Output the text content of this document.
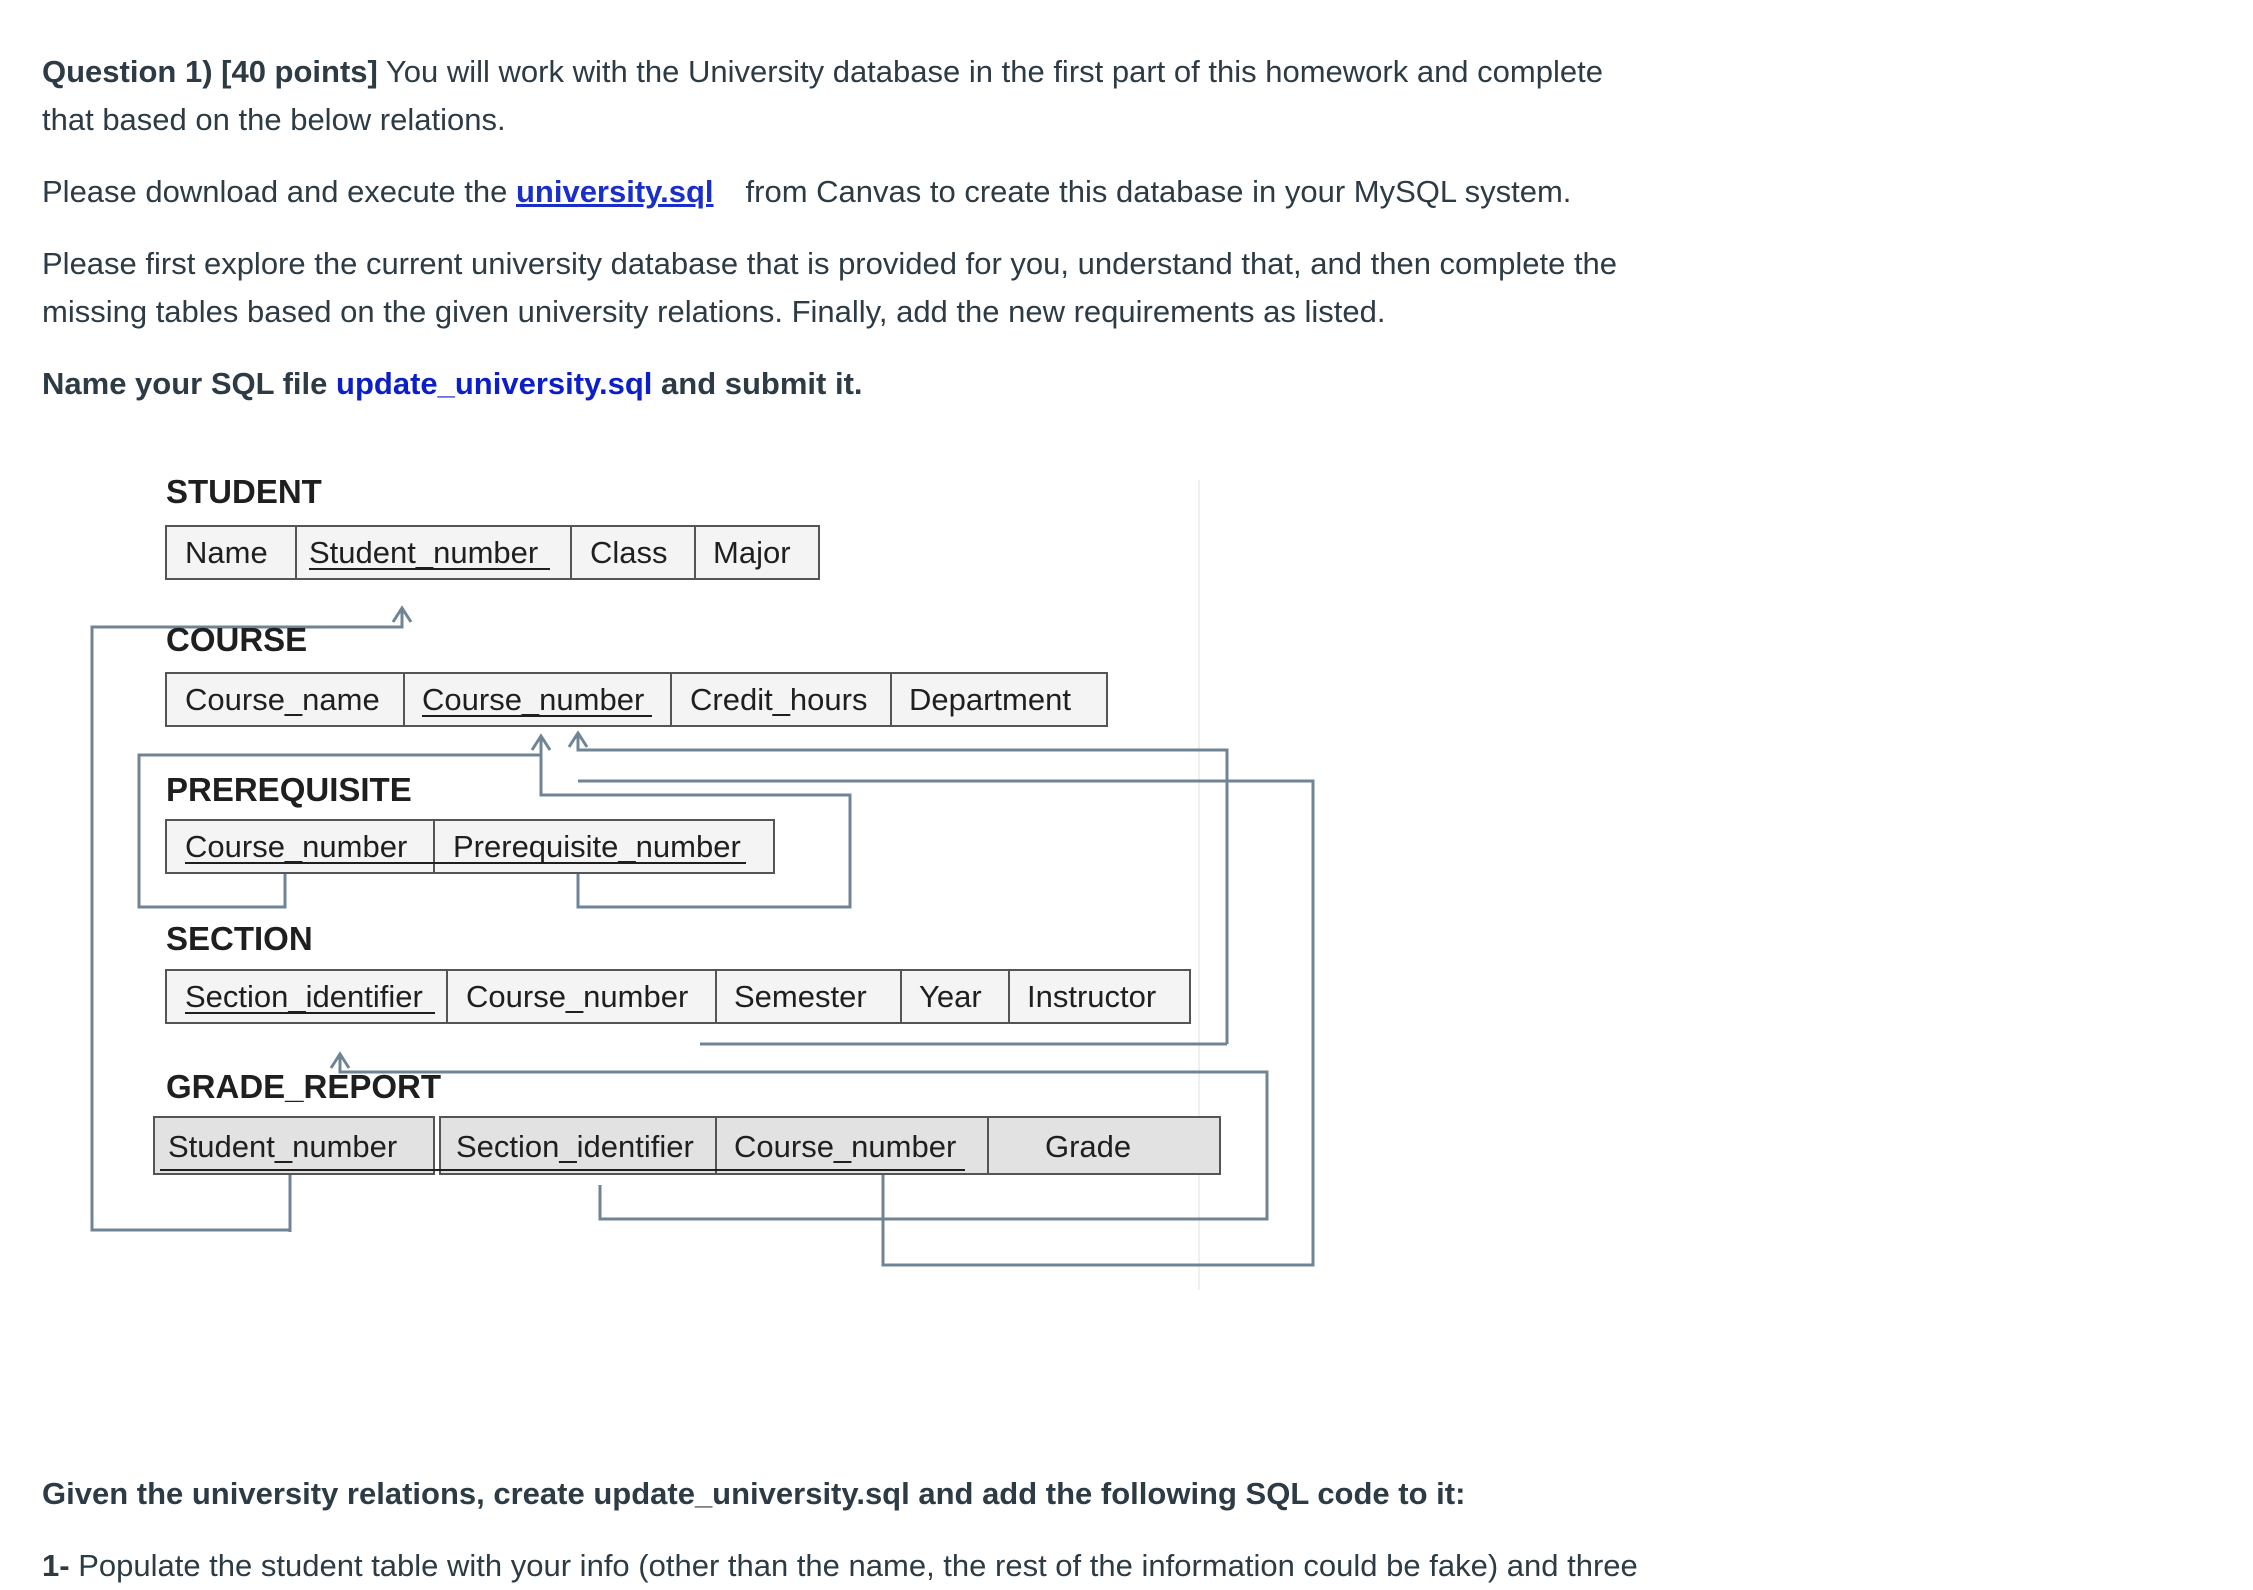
Question 1) [40 points] You will work with the University database in the first part of this homework and complete

that based on the below relations.

Please download and execute the university.sql from Canvas to create this database in your MySQL system.

Please first explore the current university database that is provided for you, understand that, and then complete the

missing tables based on the given university relations. Finally, add the new requirements as listed.

Name your SQL file update_university.sql and submit it.

STUDENT
Name Student_number Class Major
COURSE
Course_name Course_number Credit_hours Department
PREREQUISITE
Course_number Prerequisite_number
SECTION
Section_identifier Course_number Semester Year Instructor
GRADE_REPORT
Student_number Section_identifier Course_number	Grade

Given the university relations, create update_university.sql and add the following SQL code to it:

1- Populate the student table with your info (other than the name, the rest of the information could be fake) and three
